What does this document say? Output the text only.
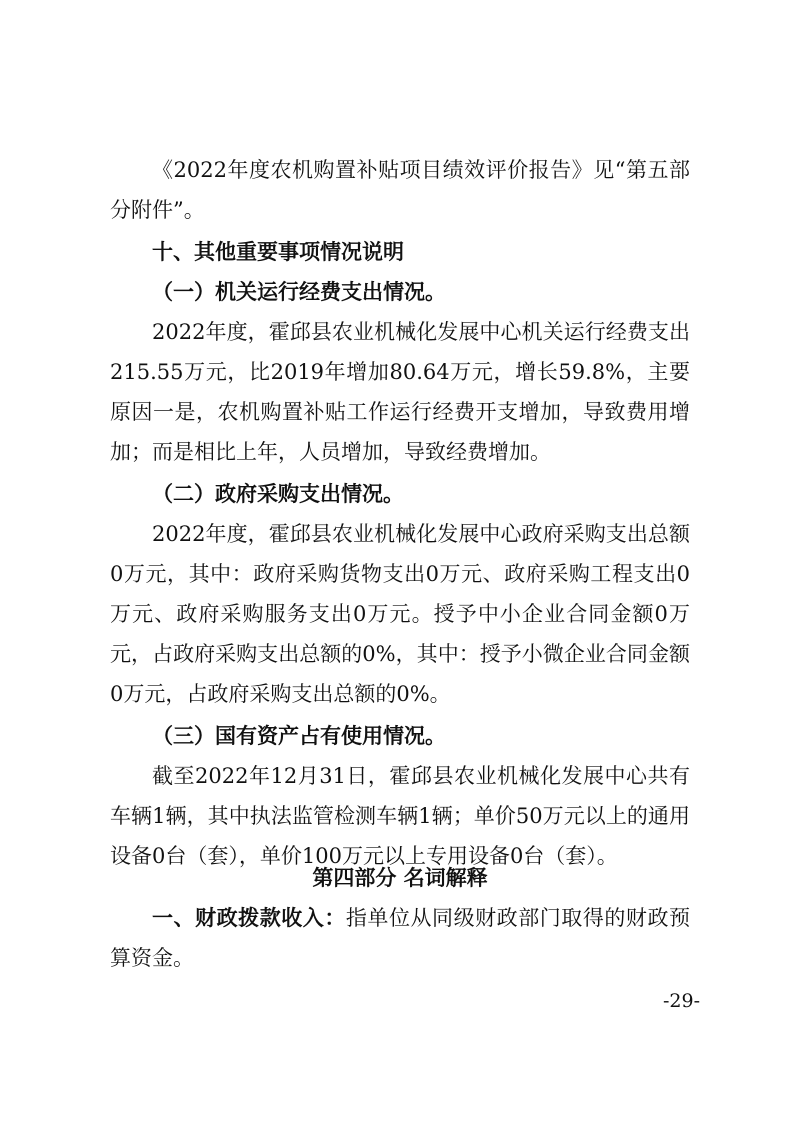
《2022年度农机购置补贴项目绩效评价报告》见“第五部分附件”。

十、其他重要事项情况说明

（一）机关运行经费支出情况。

2022年度，霍邱县农业机械化发展中心机关运行经费支出215.55万元，比2019年增加80.64万元，增长59.8%，主要原因一是，农机购置补贴工作运行经费开支增加，导致费用增加；而是相比上年，人员增加，导致经费增加。

（二）政府采购支出情况。

2022年度，霍邱县农业机械化发展中心政府采购支出总额0万元，其中：政府采购货物支出0万元、政府采购工程支出0万元、政府采购服务支出0万元。授予中小企业合同金额0万元，占政府采购支出总额的0%，其中：授予小微企业合同金额0万元，占政府采购支出总额的0%。

（三）国有资产占有使用情况。

截至2022年12月31日，霍邱县农业机械化发展中心共有车辆1辆，其中执法监管检测车辆1辆；单价50万元以上的通用设备0台（套），单价100万元以上专用设备0台（套）。

第四部分 名词解释

一、财政拨款收入：指单位从同级财政部门取得的财政预算资金。

-29-
